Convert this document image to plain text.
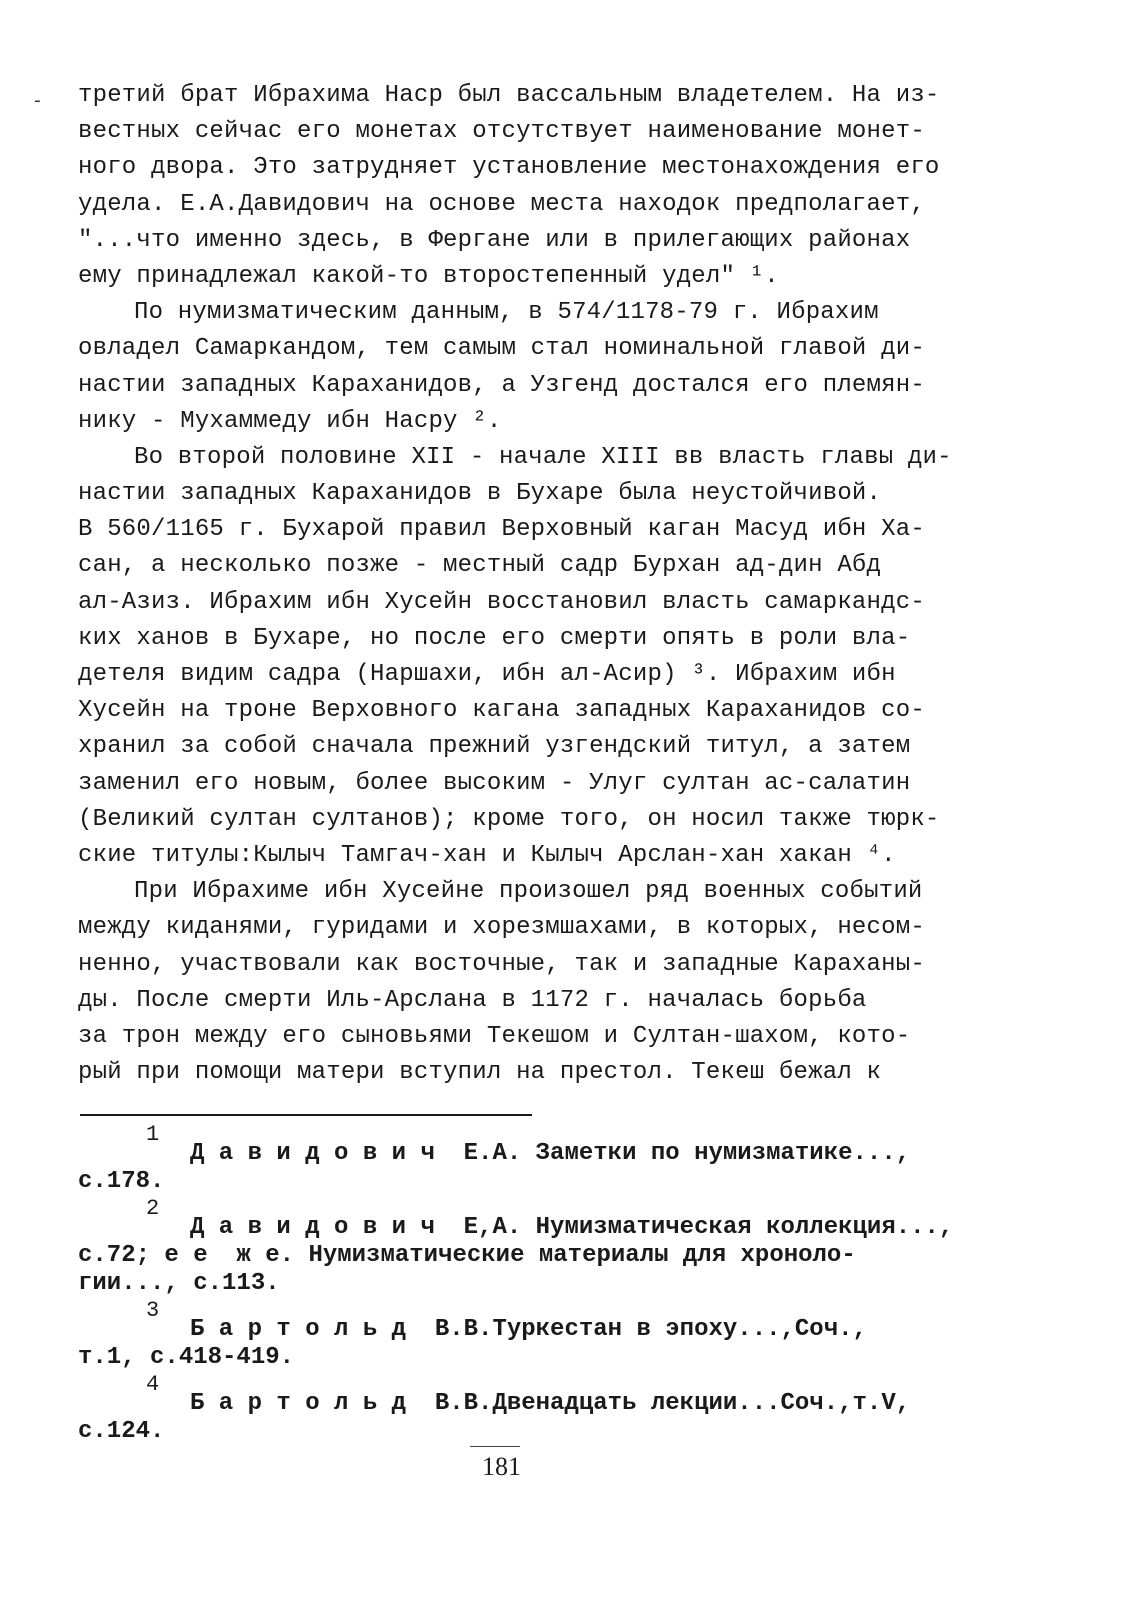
- третий брат Ибрахима Наср был вассальным владетелем. На из-
вестных сейчас его монетах отсутствует наименование монет-
ного двора. Это затрудняет установление местонахождения его
удела. Е.А.Давидович на основе места находок предполагает,
"...что именно здесь, в Фергане или в прилегающих районах
ему принадлежал какой-то второстепенный удел" ¹.
По нумизматическим данным, в 574/1178-79 г. Ибрахим
овладел Самаркандом, тем самым стал номинальной главой ди-
настии западных Караханидов, а Узгенд достался его племян-
нику - Мухаммеду ибн Насру ².
Во второй половине XII - начале XIII вв власть главы ди-
настии западных Караханидов в Бухаре была неустойчивой.
В 560/1165 г. Бухарой правил Верховный каган Масуд ибн Ха-
сан, а несколько позже - местный садр Бурхан ад-дин Абд
ал-Азиз. Ибрахим ибн Хусейн восстановил власть самаркандс-
ких ханов в Бухаре, но после его смерти опять в роли вла-
детеля видим садра (Наршахи, ибн ал-Асир) ³. Ибрахим ибн
Хусейн на троне Верховного кагана западных Караханидов со-
хранил за собой сначала прежний узгендский титул, а затем
заменил его новым, более высоким - Улуг султан ас-салатин
(Великий султан султанов); кроме того, он носил также тюрк-
ские титулы:Кылыч Тамгач-хан и Кылыч Арслан-хан хакан ⁴.
При Ибрахиме ибн Хусейне произошел ряд военных событий
между киданями, гуридами и хорезмшахами, в которых, несом-
ненно, участвовали как восточные, так и западные Караханы-
ды. После смерти Иль-Арслана в 1172 г. началась борьба
за трон между его сыновьями Текешом и Султан-шахом, кото-
рый при помощи матери вступил на престол. Текеш бежал к
1
Д а в и д о в и ч  Е.А. Заметки по нумизматике...,
с.178.
2
Д а в и д о в и ч  Е,А. Нумизматическая коллекция...,
с.72; е е  ж е. Нумизматические материалы для хроноло-
гии..., с.113.
3
Б а р т о л ь д  В.В.Туркестан в эпоху...,Соч.,
т.1, с.418-419.
4
Б а р т о л ь д  В.В.Двенадцать лекции...Соч.,т.V,
с.124.
181
